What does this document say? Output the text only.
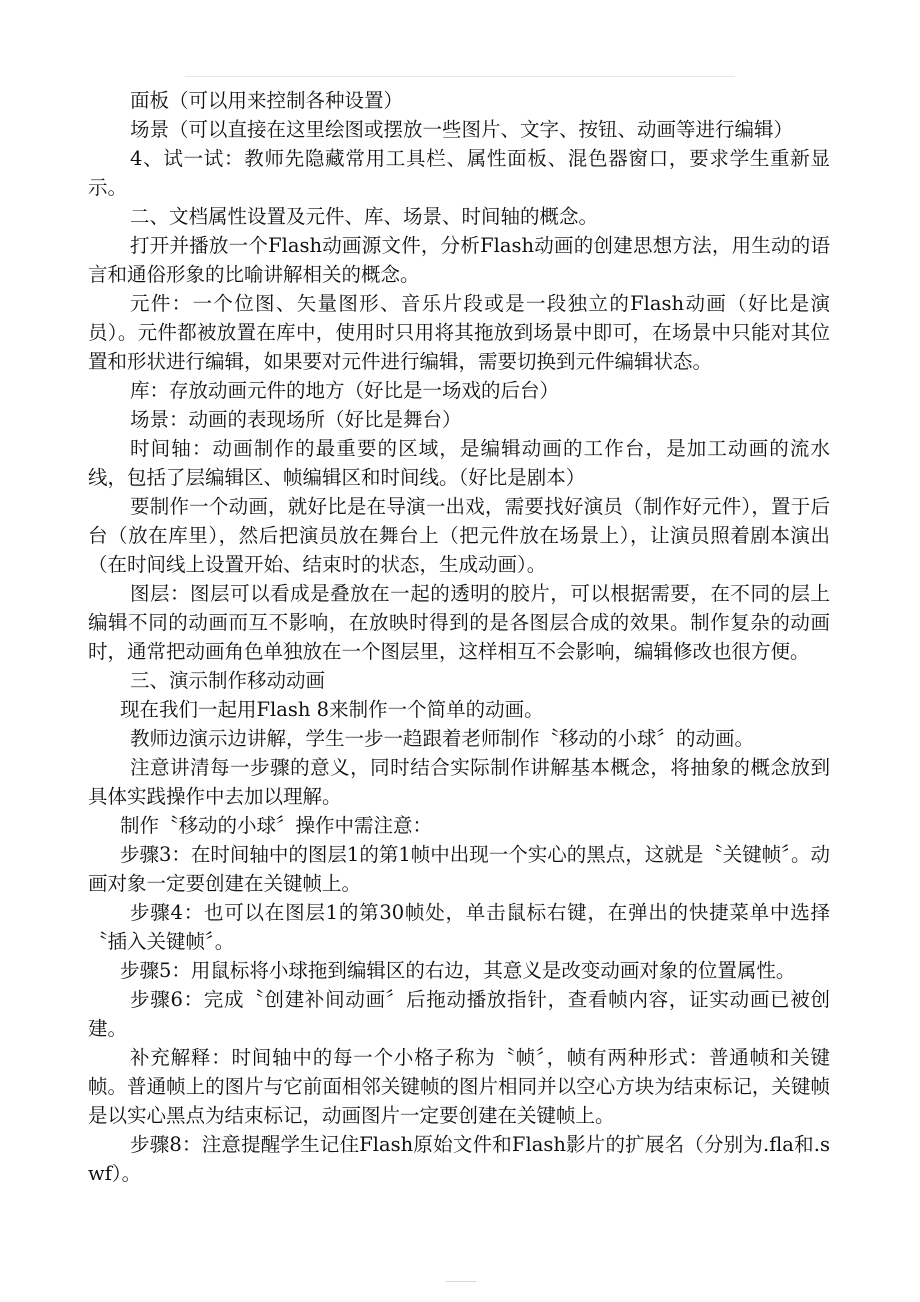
面板（可以用来控制各种设置）

场景（可以直接在这里绘图或摆放一些图片、文字、按钮、动画等进行编辑）

4、试一试：教师先隐藏常用工具栏、属性面板、混色器窗口，要求学生重新显示。

二、文档属性设置及元件、库、场景、时间轴的概念。

打开并播放一个Flash动画源文件，分析Flash动画的创建思想方法，用生动的语言和通俗形象的比喻讲解相关的概念。

元件：一个位图、矢量图形、音乐片段或是一段独立的Flash动画（好比是演员）。元件都被放置在库中，使用时只用将其拖放到场景中即可，在场景中只能对其位置和形状进行编辑，如果要对元件进行编辑，需要切换到元件编辑状态。

库：存放动画元件的地方（好比是一场戏的后台）

场景：动画的表现场所（好比是舞台）

时间轴：动画制作的最重要的区域，是编辑动画的工作台，是加工动画的流水线，包括了层编辑区、帧编辑区和时间线。（好比是剧本）

要制作一个动画，就好比是在导演一出戏，需要找好演员（制作好元件），置于后台（放在库里），然后把演员放在舞台上（把元件放在场景上），让演员照着剧本演出（在时间线上设置开始、结束时的状态，生成动画）。

图层：图层可以看成是叠放在一起的透明的胶片，可以根据需要，在不同的层上编辑不同的动画而互不影响，在放映时得到的是各图层合成的效果。制作复杂的动画时，通常把动画角色单独放在一个图层里，这样相互不会影响，编辑修改也很方便。

三、演示制作移动动画

现在我们一起用Flash 8来制作一个简单的动画。

教师边演示边讲解，学生一步一趋跟着老师制作〝移动的小球〞的动画。

注意讲清每一步骤的意义，同时结合实际制作讲解基本概念，将抽象的概念放到具体实践操作中去加以理解。

制作〝移动的小球〞操作中需注意：

步骤3：在时间轴中的图层1的第1帧中出现一个实心的黑点，这就是〝关键帧〞。动画对象一定要创建在关键帧上。

步骤4：也可以在图层1的第30帧处，单击鼠标右键，在弹出的快捷菜单中选择〝插入关键帧〞。

步骤5：用鼠标将小球拖到编辑区的右边，其意义是改变动画对象的位置属性。

步骤6：完成〝创建补间动画〞后拖动播放指针，查看帧内容，证实动画已被创建。

补充解释：时间轴中的每一个小格子称为〝帧〞，帧有两种形式：普通帧和关键帧。普通帧上的图片与它前面相邻关键帧的图片相同并以空心方块为结束标记，关键帧是以实心黑点为结束标记，动画图片一定要创建在关键帧上。

步骤8：注意提醒学生记住Flash原始文件和Flash影片的扩展名（分别为.fla和.swf）。
